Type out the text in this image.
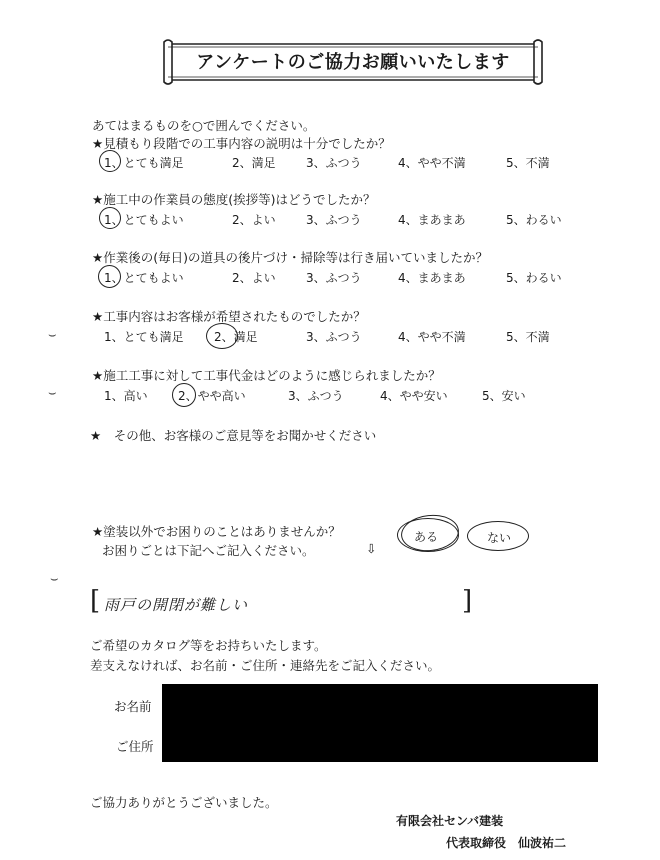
アンケートのご協力お願いいたします
あてはまるものを○で囲んでください。
★見積もり段階での工事内容の説明は十分でしたか？
1、とても満足	2、満足	3、ふつう	4、やや不満	5、不満
★施工中の作業員の態度(挨拶等)はどうでしたか？
1、とてもよい	2、よい	3、ふつう	4、まあまあ	5、わるい
★作業後の(毎日)の道具の後片づけ・掃除等は行き届いていましたか？
1、とてもよい	2、よい	3、ふつう	4、まあまあ	5、わるい
★工事内容はお客様が希望されたものでしたか？
1、とても満足	2、満足	3、ふつう	4、やや不満	5、不満
⌣
★施工工事に対して工事代金はどのように感じられましたか？
1、高い	2、やや高い	3、ふつう	4、やや安い	5、安い
⌣
★　その他、お客様のご意見等をお聞かせください
★塗装以外でお困りのことはありませんか？
お困りごとは下記へご記入ください。	⇩
ある	ない
⌣
[ 雨戸の開閉が難しい	]
ご希望のカタログ等をお持ちいたします。
差支えなければ、お名前・ご住所・連絡先をご記入ください。
お名前
ご住所
ご協力ありがとうございました。
有限会社センバ建装
代表取締役　仙波祐二
